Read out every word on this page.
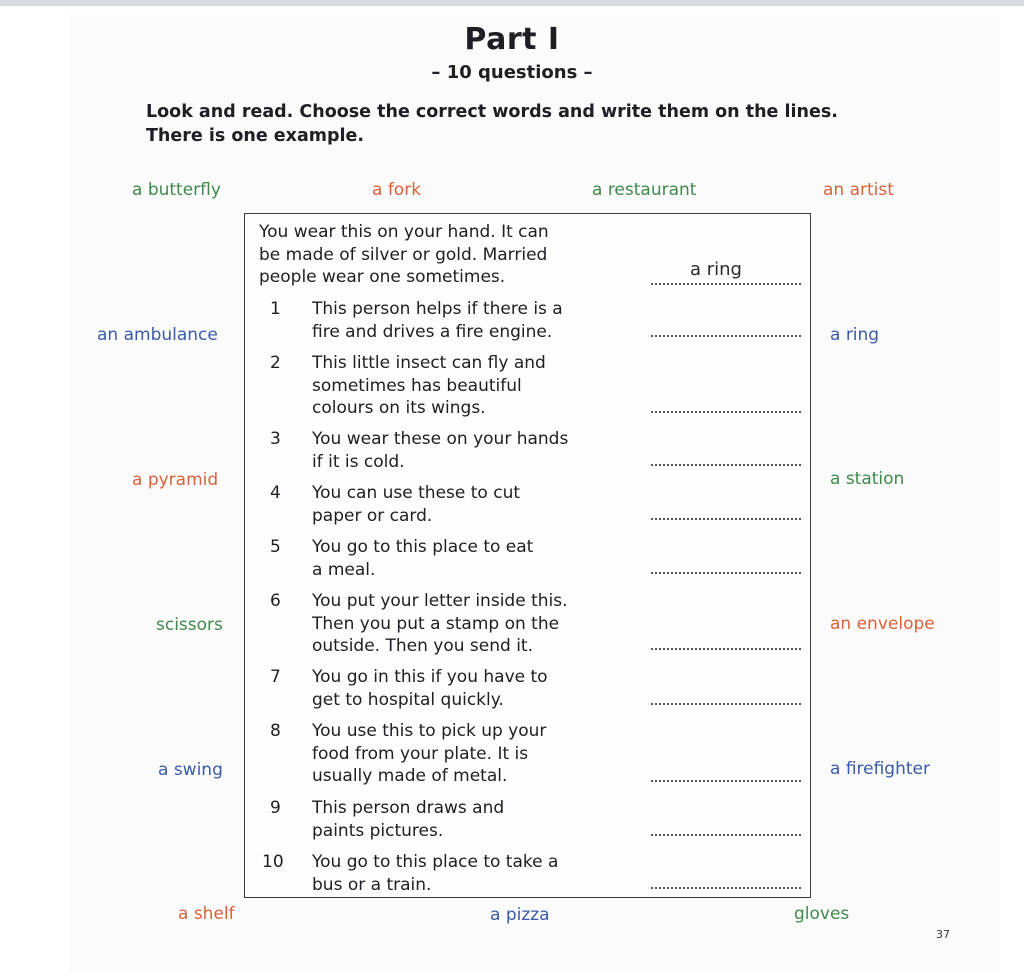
Part I
– 10 questions –
Look and read. Choose the correct words and write them on the lines. There is one example.
a butterfly	a fork	a restaurant	an artist
an ambulance	a ring
a pyramid	a station
scissors	an envelope
a swing	a firefighter
a shelf	a pizza	gloves
You wear this on your hand. It can
be made of silver or gold. Married
people wear one sometimes.	a ring
1 This person helps if there is a
fire and drives a fire engine.
2 This little insect can fly and
sometimes has beautiful
colours on its wings.
3 You wear these on your hands
if it is cold.
4 You can use these to cut
paper or card.
5 You go to this place to eat
a meal.
6 You put your letter inside this.
Then you put a stamp on the
outside. Then you send it.
7 You go in this if you have to
get to hospital quickly.
8 You use this to pick up your
food from your plate. It is
usually made of metal.
9 This person draws and
paints pictures.
10 You go to this place to take a
bus or a train.
37
